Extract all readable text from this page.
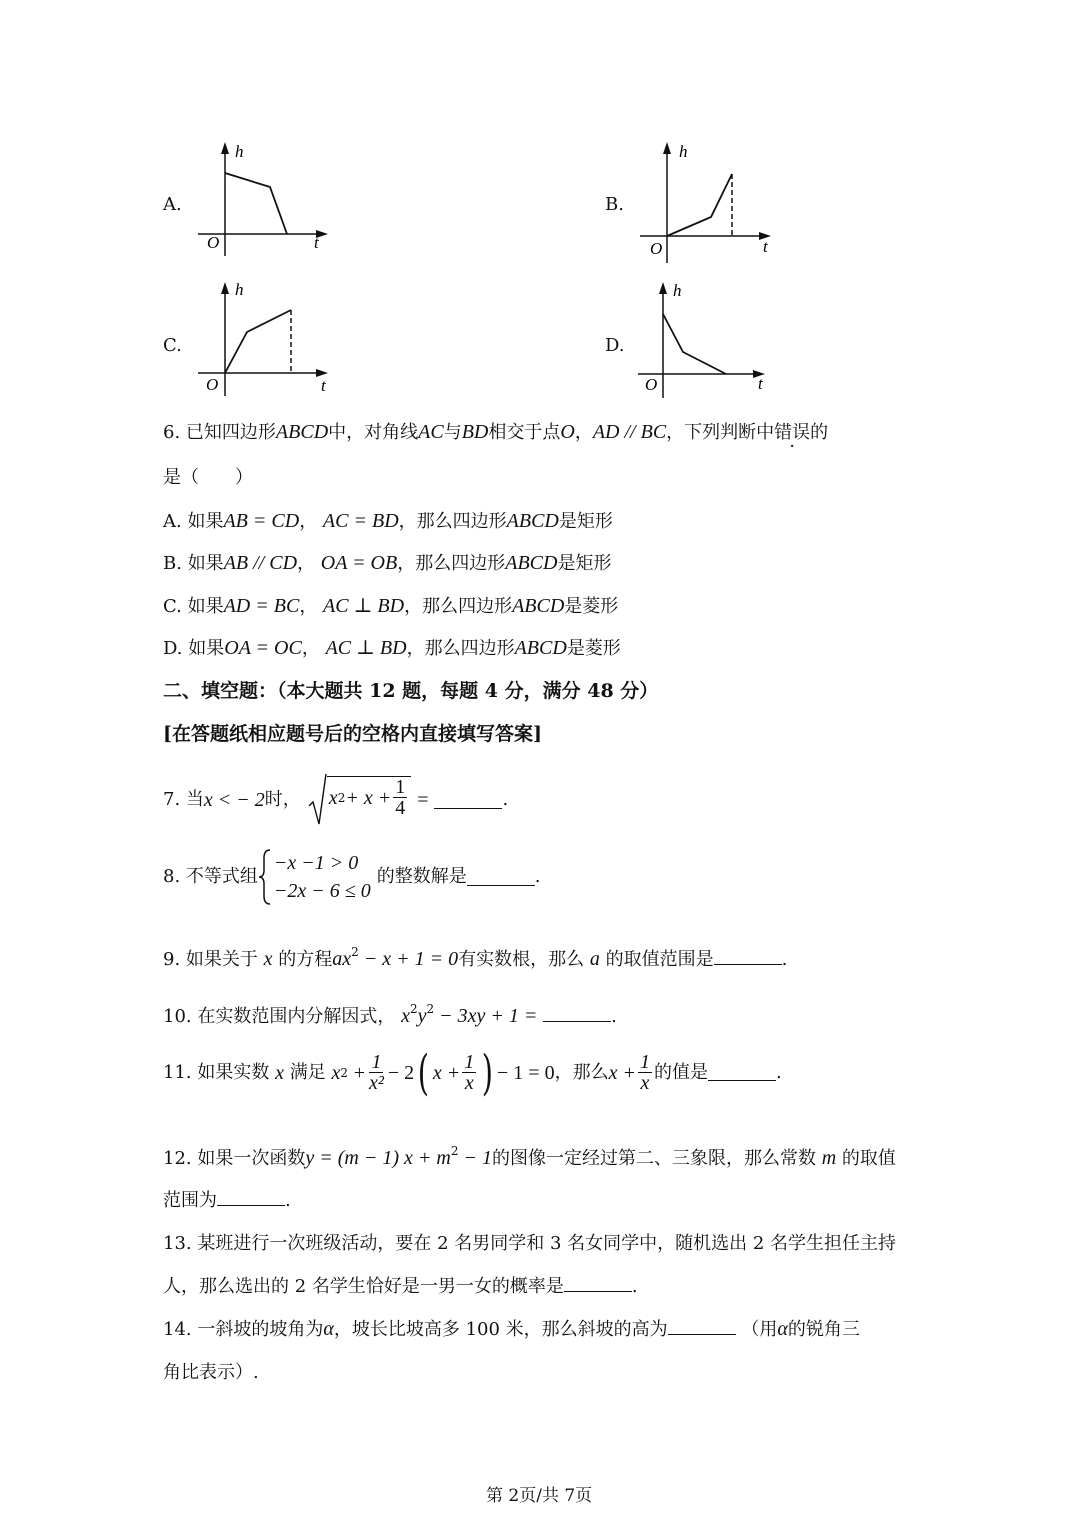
A.
h
O	t
B.
h
O	t
C.
h
O	t
D.
h
O	t
6. 已知四边形ABCD中，对角线AC与BD相交于点O，AD // BC，下列判断中错误的
是（　　）
A. 如果AB = CD， AC = BD，那么四边形ABCD是矩形
B. 如果AB // CD， OA = OB，那么四边形ABCD是矩形
C. 如果AD = BC， AC ⊥ BD，那么四边形ABCD是菱形
D. 如果OA = OC， AC ⊥ BD，那么四边形ABCD是菱形
二、填空题：（本大题共 12 题，每题 4 分，满分 48 分）
[在答题纸相应题号后的空格内直接填写答案]
7.
当 x < − 2 时， x $2 + x + \frac{1}{4}$ =	.
8.
不等式组
−x −1 > 0
−2x − 6 ≤ 0
的整数解是	.
9. 如果关于 x 的方程$ax^2 - x + 1 = 0$有实数根，那么 a 的取值范围是	.
10. 在实数范围内分解因式， $x^2y^2 - 3xy + 1$ =	.
11.
如果实数
x
满足
x 2
+ $\frac{1}{\text{x²}} - 2$ ( $x + \frac{1}{x}$ ) − 1 = 0 ，那么 $x + \frac{1}{x}$ 的值是	.
12. 如果一次函数y = (m − 1) $x + m^2 - 1$的图像一定经过第二、三象限，那么常数 m 的取值
范围为	.
13. 某班进行一次班级活动，要在 2 名男同学和 3 名女同学中，随机选出 2 名学生担任主持
人，那么选出的 2 名学生恰好是一男一女的概率是	.
14. 一斜坡的坡角为α，坡长比坡高多 100 米，那么斜坡的高为	（用α的锐角三
角比表示）.
第 2页/共 7页
